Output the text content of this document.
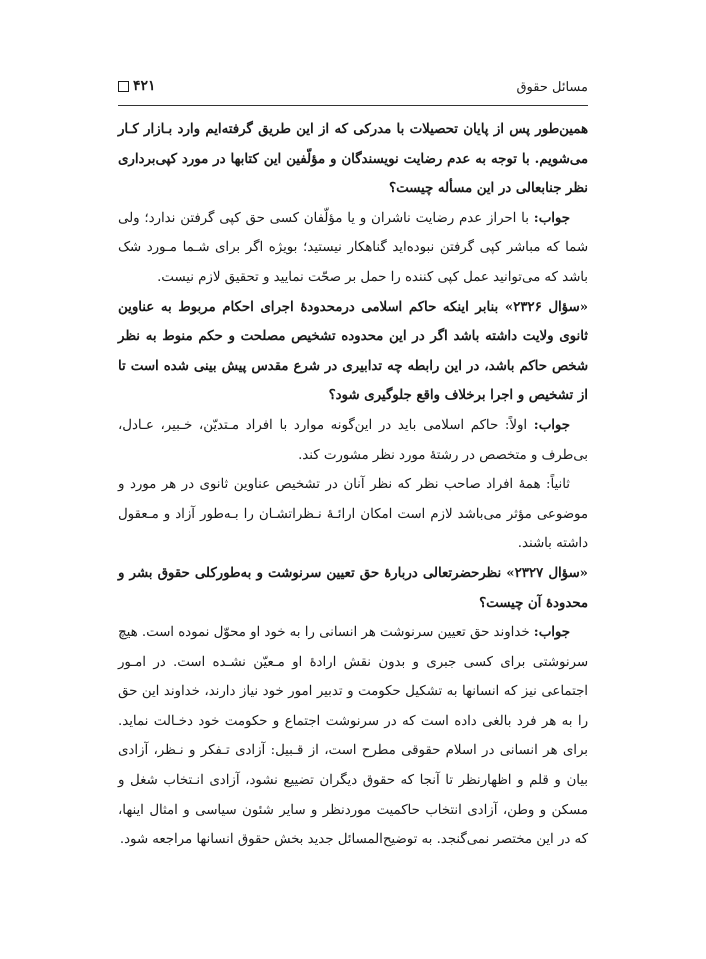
مسائل حقوق
۴۲۱

همین‌طور پس از پایان تحصیلات با مدرکی که از این طریق گرفته‌ایم وارد بـازار کـار می‌شویم. با توجه به عدم رضایت نویسندگان و مؤلّفین این کتابها در مورد کپی‌برداری نظر جنابعالی در این مسأله چیست؟

جواب: با احراز عدم رضایت ناشران و یا مؤلّفان کسی حق کپی گرفتن ندارد؛ ولی شما که مباشر کپی گرفتن نبوده‌اید گناهکار نیستید؛ بویژه اگر برای شـما مـورد شک باشد که می‌توانید عمل کپی کننده را حمل بر صحّت نمایید و تحقیق لازم نیست.

«سؤال ۲۳۲۶» بنابر اینکه حاکم اسلامی درمحدودۀ اجرای احکام مربوط به عناوین ثانوی ولایت داشته باشد اگر در این محدوده تشخیص مصلحت و حکم منوط به نظر شخص حاکم باشد، در این رابطه چه تدابیری در شرع مقدس پیش بینی شده است تا از تشخیص و اجرا برخلاف واقع جلوگیری شود؟

جواب: اولاً: حاکم اسلامی باید در این‌گونه موارد با افراد مـتدیّن، خـبیر، عـادل، بی‌طرف و متخصص در رشتۀ مورد نظر مشورت کند.

ثانیاً: همۀ افراد صاحب نظر که نظر آنان در تشخیص عناوین ثانوی در هر مورد و موضوعی مؤثر می‌باشد لازم است امکان ارائـۀ نـظراتشـان را بـه‌طور آزاد و مـعقول داشته باشند.

«سؤال ۲۳۲۷» نظرحضرتعالی دربارۀ حق تعیین سرنوشت و به‌طورکلی حقوق بشر و محدودۀ آن چیست؟

جواب: خداوند حق تعیین سرنوشت هر انسانی را به خود او محوّل نموده است. هیچ سرنوشتی برای کسی جبری و بدون نقش ارادۀ او مـعیّن نشـده است. در امـور اجتماعی نیز که انسانها به تشکیل حکومت و تدبیر امور خود نیاز دارند، خداوند این حق را به هر فرد بالغی داده است که در سرنوشت اجتماع و حکومت خود دخـالت نماید. برای هر انسانی در اسلام حقوقی مطرح است، از قـبیل: آزادی تـفکر و نـظر، آزادی بیان و قلم و اظهارنظر تا آنجا که حقوق دیگران تضییع نشود، آزادی انـتخاب شغل و مسکن و وطن، آزادی انتخاب حاکمیت موردنظر و سایر شئون سیاسی و امثال اینها، که در این مختصر نمی‌گنجد. به توضیح‌المسائل جدید بخش حقوق انسانها مراجعه شود.
